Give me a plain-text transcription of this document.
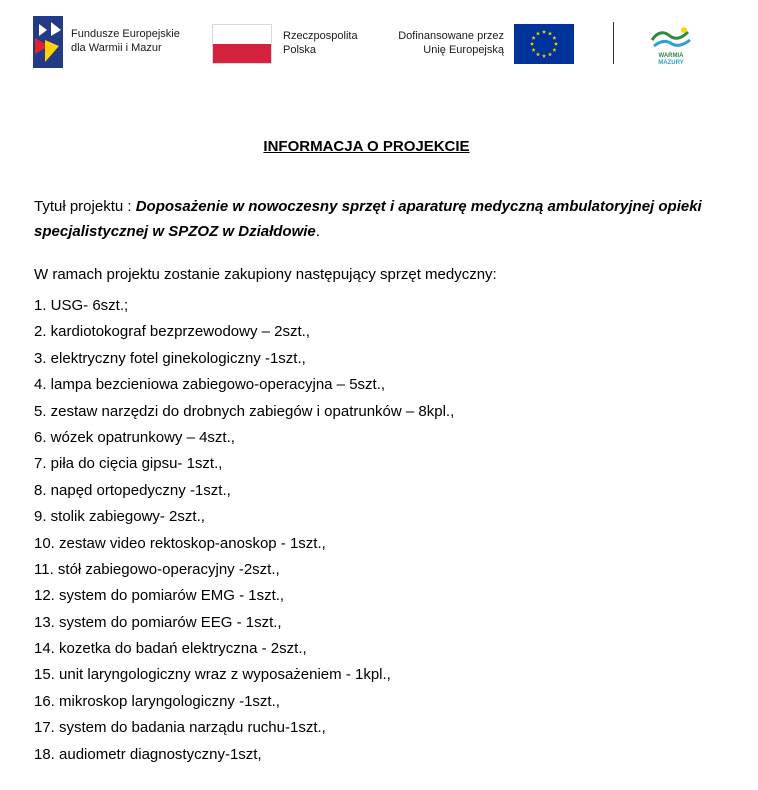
Fundusze Europejskie
dla Warmii i Mazur
Rzeczpospolita
Polska
Dofinansowane przez
Unię Europejską	WARMIA
MAZURY
INFORMACJA O PROJEKCIE
Tytuł projektu : Doposażenie w nowoczesny sprzęt i aparaturę medyczną ambulatoryjnej opieki specjalistycznej w SPZOZ w Działdowie.
W ramach projektu zostanie zakupiony następujący sprzęt medyczny:
1. USG- 6szt.;
2. kardiotokograf bezprzewodowy – 2szt.,
3. elektryczny fotel ginekologiczny -1szt.,
4. lampa bezcieniowa zabiegowo-operacyjna – 5szt.,
5. zestaw narzędzi do drobnych zabiegów i opatrunków – 8kpl.,
6. wózek opatrunkowy – 4szt.,
7. piła do cięcia gipsu- 1szt.,
8. napęd ortopedyczny -1szt.,
9. stolik zabiegowy- 2szt.,
10. zestaw video rektoskop-anoskop - 1szt.,
11. stół zabiegowo-operacyjny -2szt.,
12. system do pomiarów EMG - 1szt.,
13. system do pomiarów EEG - 1szt.,
14. kozetka do badań elektryczna - 2szt.,
15. unit laryngologiczny wraz z wyposażeniem - 1kpl.,
16. mikroskop laryngologiczny -1szt.,
17. system do badania narządu ruchu-1szt.,
18. audiometr diagnostyczny-1szt,
